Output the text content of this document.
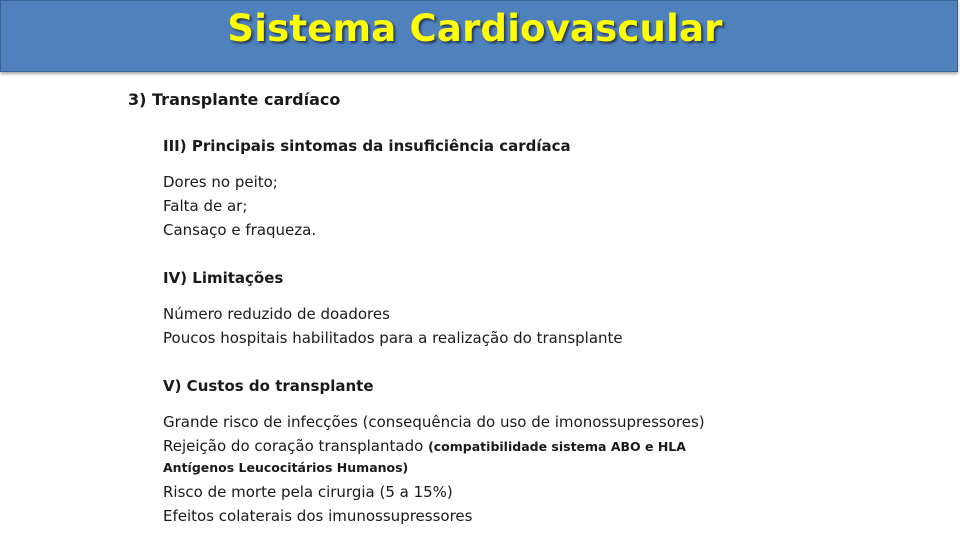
Sistema Cardiovascular
3) Transplante cardíaco
III) Principais sintomas da insuficiência cardíaca
Dores no peito;
Falta de ar;
Cansaço e fraqueza.
IV) Limitações
Número reduzido de doadores
Poucos hospitais habilitados para a realização do transplante
V) Custos do transplante
Grande risco de infecções (consequência do uso de imonossupressores)
Rejeição do coração transplantado (compatibilidade sistema ABO e HLA
Antígenos Leucocitários Humanos)
Risco de morte pela cirurgia (5 a 15%)
Efeitos colaterais dos imunossupressores
